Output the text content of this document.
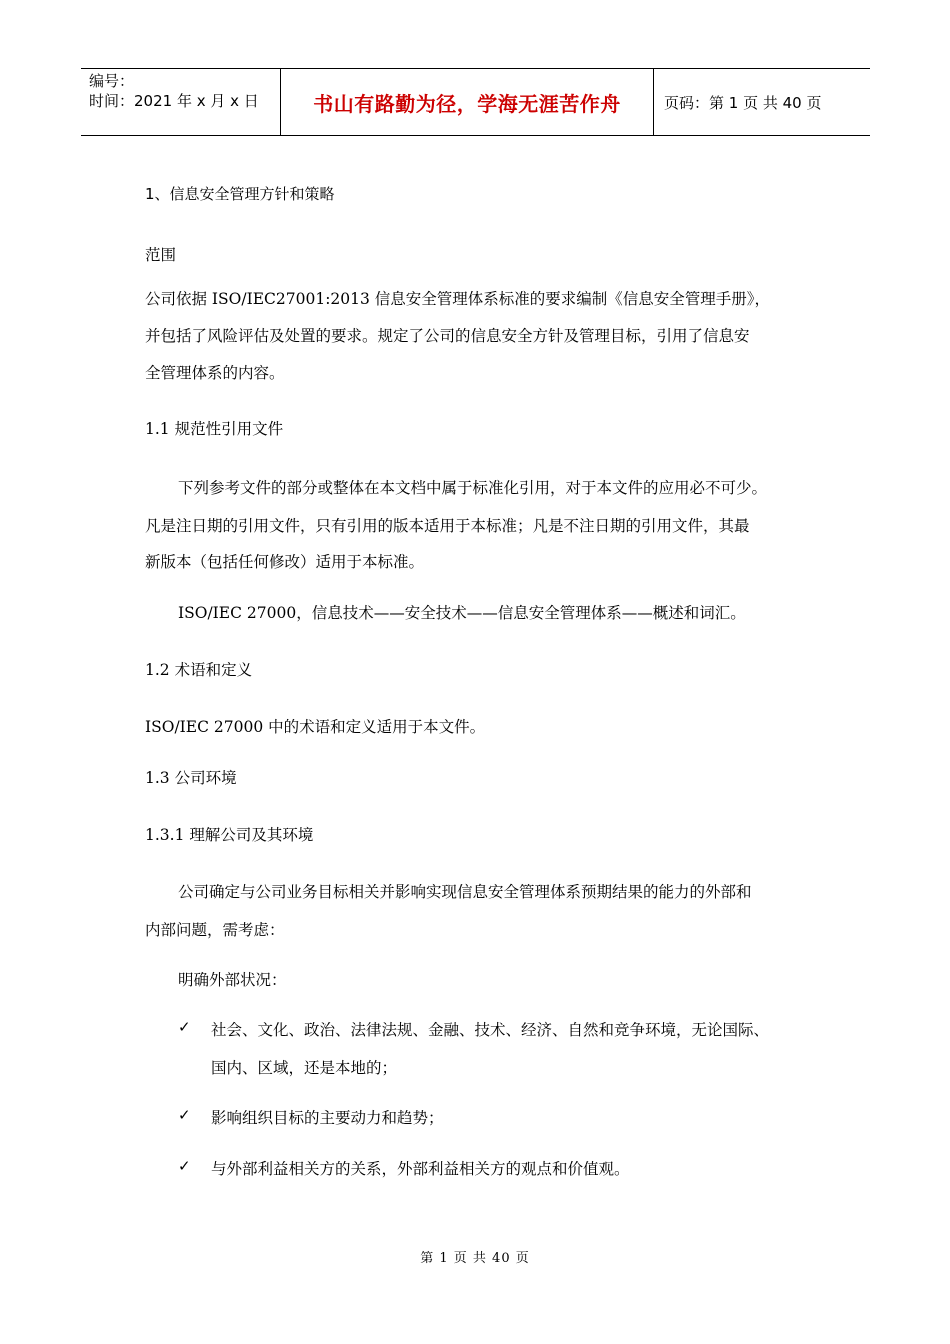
编号：
时间：2021 年 x 月 x 日	书山有路勤为径，学海无涯苦作舟	页码：第 1 页 共 40 页
1、信息安全管理方针和策略
范围
公司依据 ISO/IEC27001:2013 信息安全管理体系标准的要求编制《信息安全管理手册》，
并包括了风险评估及处置的要求。规定了公司的信息安全方针及管理目标，引用了信息安
全管理体系的内容。
1.1 规范性引用文件
下列参考文件的部分或整体在本文档中属于标准化引用，对于本文件的应用必不可少。
凡是注日期的引用文件，只有引用的版本适用于本标准；凡是不注日期的引用文件，其最
新版本（包括任何修改）适用于本标准。
ISO/IEC 27000，信息技术——安全技术——信息安全管理体系——概述和词汇。
1.2 术语和定义
ISO/IEC 27000 中的术语和定义适用于本文件。
1.3 公司环境
1.3.1 理解公司及其环境
公司确定与公司业务目标相关并影响实现信息安全管理体系预期结果的能力的外部和
内部问题，需考虑：
明确外部状况：
✓ 社会、文化、政治、法律法规、金融、技术、经济、自然和竞争环境，无论国际、
国内、区域，还是本地的；
✓ 影响组织目标的主要动力和趋势；
✓ 与外部利益相关方的关系，外部利益相关方的观点和价值观。
第 1 页 共 40 页
